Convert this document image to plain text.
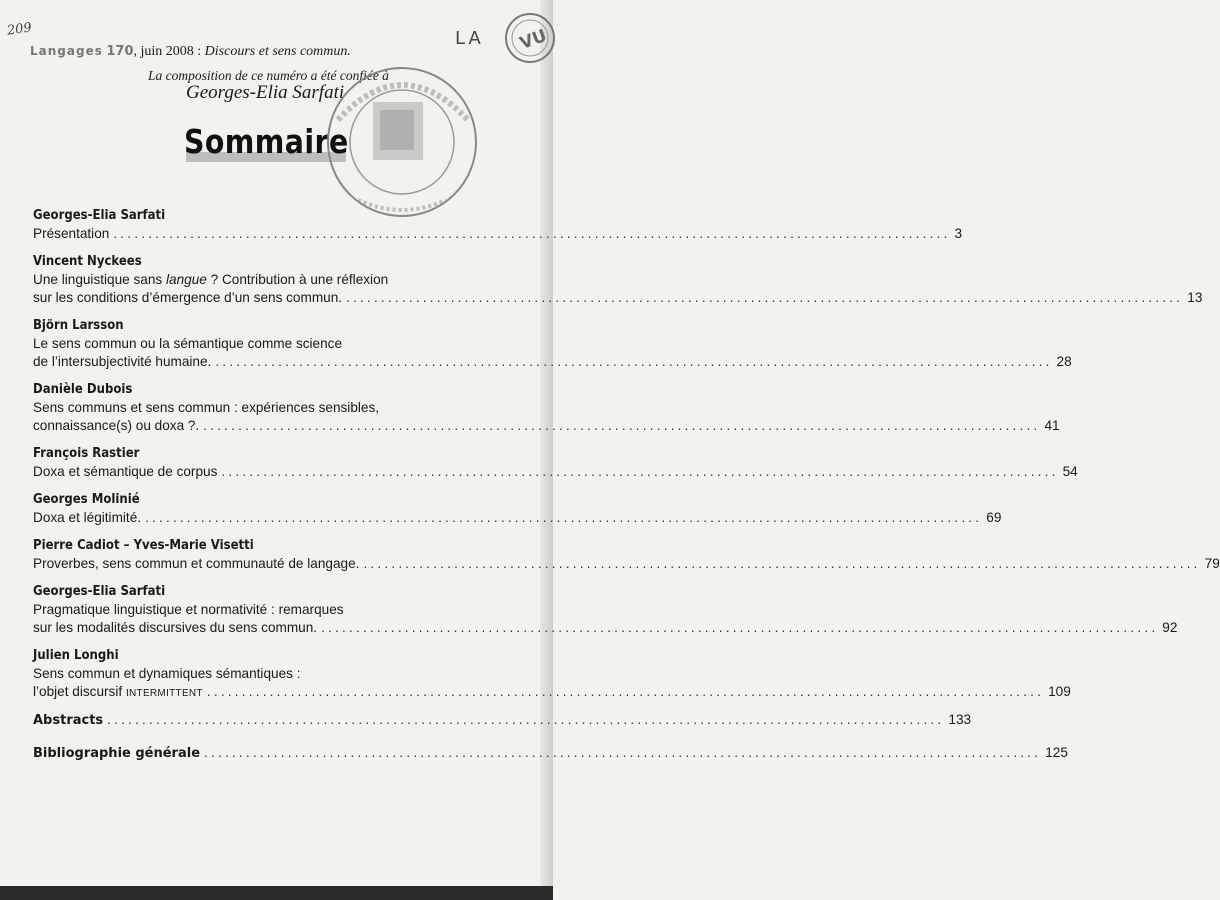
209	LA VU
Langages 170, juin 2008 : Discours et sens commun.
La composition de ce numéro a été confiée à
Georges-Elia Sarfati
Sommaire
Georges-Elia Sarfati
Présentation ........................................................................................................................ 3
Vincent Nyckees
Une linguistique sans langue ? Contribution à une réflexion
sur les conditions d’émergence d’un sens commun. ........................................................................................................................ 13
Björn Larsson
Le sens commun ou la sémantique comme science
de l’intersubjectivité humaine. ........................................................................................................................ 28
Danièle Dubois
Sens communs et sens commun : expériences sensibles,
connaissance(s) ou doxa ?. ........................................................................................................................ 41
François Rastier
Doxa et sémantique de corpus ........................................................................................................................ 54
Georges Molinié
Doxa et légitimité. ........................................................................................................................ 69
Pierre Cadiot – Yves-Marie Visetti
Proverbes, sens commun et communauté de langage. ........................................................................................................................ 79
Georges-Elia Sarfati
Pragmatique linguistique et normativité : remarques
sur les modalités discursives du sens commun. ........................................................................................................................ 92
Julien Longhi
Sens commun et dynamiques sémantiques :
l’objet discursif INTERMITTENT ........................................................................................................................ 109
Abstracts ........................................................................................................................ 133
Bibliographie générale ........................................................................................................................ 125
